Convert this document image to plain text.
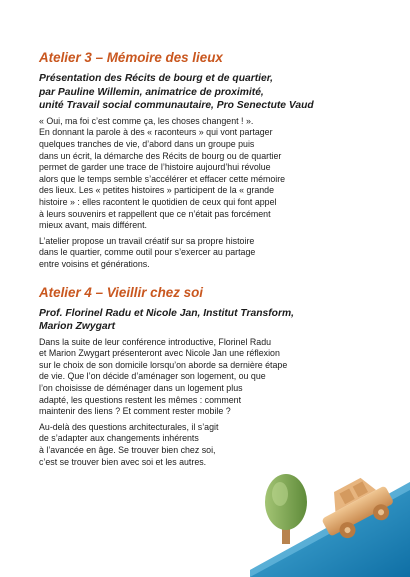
Atelier 3 – Mémoire des lieux
Présentation des Récits de bourg et de quartier,
par Pauline Willemin, animatrice de proximité,
unité Travail social communautaire, Pro Senectute Vaud
« Oui, ma foi c’est comme ça, les choses changent ! ».
En donnant la parole à des « raconteurs » qui vont partager
quelques tranches de vie, d’abord dans un groupe puis
dans un écrit, la démarche des Récits de bourg ou de quartier
permet de garder une trace de l’histoire aujourd’hui révolue
alors que le temps semble s’accélérer et effacer cette mémoire
des lieux. Les « petites histoires » participent de la « grande
histoire » : elles racontent le quotidien de ceux qui font appel
à leurs souvenirs et rappellent que ce n’était pas forcément
mieux avant, mais différent.
L’atelier propose un travail créatif sur sa propre histoire
dans le quartier, comme outil pour s’exercer au partage
entre voisins et générations.
Atelier 4 – Vieillir chez soi
Prof. Florinel Radu et Nicole Jan, Institut Transform,
Marion Zwygart
Dans la suite de leur conférence introductive, Florinel Radu
et Marion Zwygart présenteront avec Nicole Jan une réflexion
sur le choix de son domicile lorsqu’on aborde sa dernière étape
de vie. Que l’on décide d’aménager son logement, ou que
l’on choisisse de déménager dans un logement plus
adapté, les questions restent les mêmes : comment
maintenir des liens ? Et comment rester mobile ?
Au-delà des questions architecturales, il s’agit
de s’adapter aux changements inhérents
à l’avancée en âge. Se trouver bien chez soi,
c’est se trouver bien avec soi et les autres.
